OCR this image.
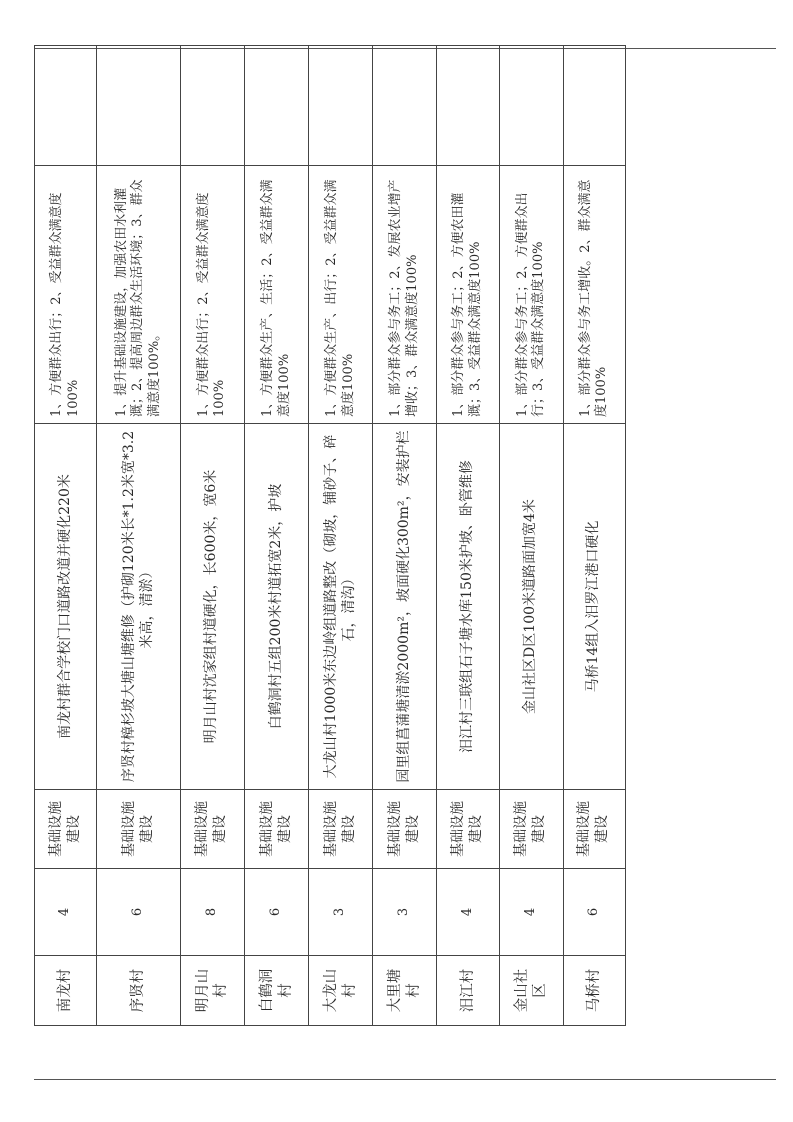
南龙村	4	基础设施建设	南龙村群合学校门口道路改道并硬化220米	1、方便群众出行；2、受益群众满意度100%	
序贤村	6	基础设施建设	序贤村樟杉坡大塘山塘维修（护砌120米长*1.2米宽*3.2米高，清淤）	1、提升基础设施建设，加强农田水利灌溉；2、提高周边群众生活环境；3、群众满意度100%。	
明月山村	8	基础设施建设	明月山村沈家组村道硬化，长600米，宽6米	1、方便群众出行；2、受益群众满意度100%	
白鹤洞村	6	基础设施建设	白鹤洞村五组200米村道拓宽2米，护坡	1、方便群众生产、生活；2、受益群众满意度100%	
大龙山村	3	基础设施建设	大龙山村1000米东边岭组道路整改（砌坡，铺砂子、碎石，清沟）	1、方便群众生产、出行；2、受益群众满意度100%	
大里塘村	3	基础设施建设	园里组菖蒲塘清淤2000m²，坡面硬化300m²，安装护栏	1、部分群众参与务工；2、发展农业增产增收；3、群众满意度100%	
汨江村	4	基础设施建设	汨江村三联组石子塘水库150米护坡、卧管维修	1、部分群众参与务工；2、方便农田灌溉；3、受益群众满意度100%	
金山社区	4	基础设施建设	金山社区D区100米道路面加宽4米	1、部分群众参与务工；2、方便群众出行；3、受益群众满意度100%	
马桥村	6	基础设施建设	马桥14组入汨罗江港口硬化	1、部分群众参与务工增收。2、群众满意度100%	
